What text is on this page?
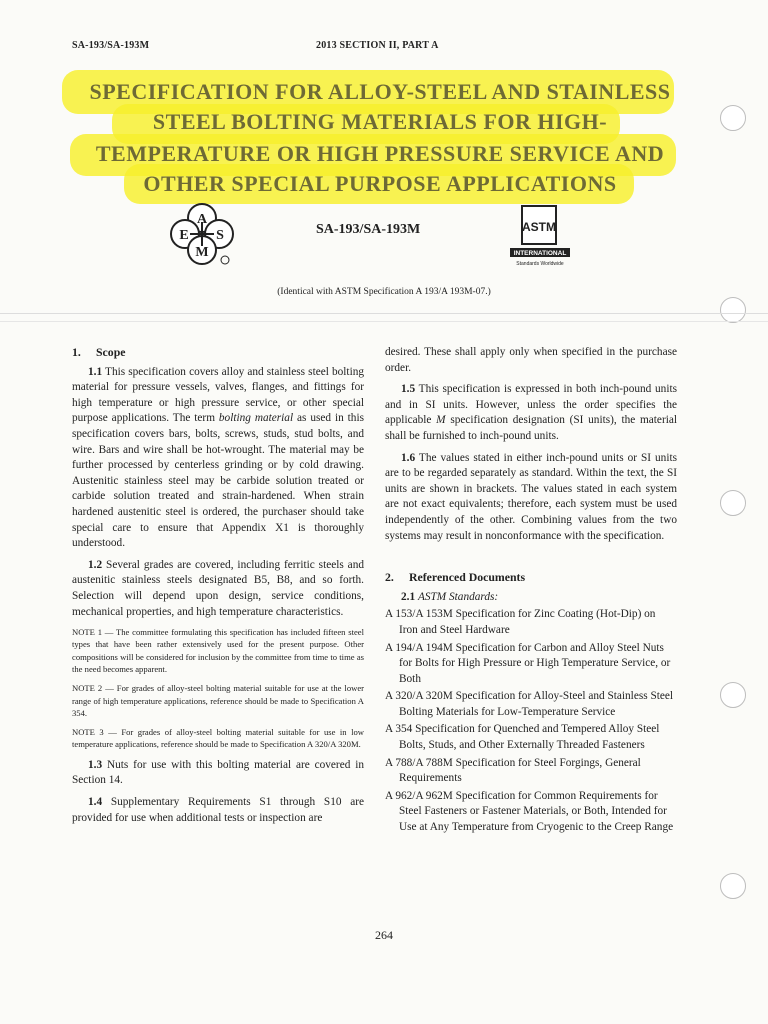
SA-193/SA-193M	2013 SECTION II, PART A
SPECIFICATION FOR ALLOY-STEEL AND STAINLESS
STEEL BOLTING MATERIALS FOR HIGH-
TEMPERATURE OR HIGH PRESSURE SERVICE AND
OTHER SPECIAL PURPOSE APPLICATIONS
A
E S
M
SA-193/SA-193M	ASTM
INTERNATIONAL
Standards Worldwide
(Identical with ASTM Specification A 193/A 193M-07.)
1. Scope

1.1 This specification covers alloy and stainless steel bolting material for pressure vessels, valves, flanges, and fittings for high temperature or high pressure service, or other special purpose applications. The term bolting material as used in this specification covers bars, bolts, screws, studs, stud bolts, and wire. Bars and wire shall be hot-wrought. The material may be further processed by centerless grinding or by cold drawing. Austenitic stainless steel may be carbide solution treated or carbide solution treated and strain-hardened. When strain hardened austenitic steel is ordered, the purchaser should take special care to ensure that Appendix X1 is thoroughly understood.

1.2 Several grades are covered, including ferritic steels and austenitic stainless steels designated B5, B8, and so forth. Selection will depend upon design, service conditions, mechanical properties, and high temperature characteristics.

NOTE 1 — The committee formulating this specification has included fifteen steel types that have been rather extensively used for the present purpose. Other compositions will be considered for inclusion by the committee from time to time as the need becomes apparent.

NOTE 2 — For grades of alloy-steel bolting material suitable for use at the lower range of high temperature applications, reference should be made to Specification A 354.

NOTE 3 — For grades of alloy-steel bolting material suitable for use in low temperature applications, reference should be made to Specification A 320/A 320M.

1.3 Nuts for use with this bolting material are covered in Section 14.

1.4 Supplementary Requirements S1 through S10 are provided for use when additional tests or inspection are

desired. These shall apply only when specified in the purchase order.

1.5 This specification is expressed in both inch-pound units and in SI units. However, unless the order specifies the applicable M specification designation (SI units), the material shall be furnished to inch-pound units.

1.6 The values stated in either inch-pound units or SI units are to be regarded separately as standard. Within the text, the SI units are shown in brackets. The values stated in each system are not exact equivalents; therefore, each system must be used independently of the other. Combining values from the two systems may result in nonconformance with the specification.

2. Referenced Documents
2.1 ASTM Standards:

A 153/A 153M Specification for Zinc Coating (Hot-Dip) on Iron and Steel Hardware

A 194/A 194M Specification for Carbon and Alloy Steel Nuts for Bolts for High Pressure or High Temperature Service, or Both

A 320/A 320M Specification for Alloy-Steel and Stainless Steel Bolting Materials for Low-Temperature Service

A 354 Specification for Quenched and Tempered Alloy Steel Bolts, Studs, and Other Externally Threaded Fasteners

A 788/A 788M Specification for Steel Forgings, General Requirements

A 962/A 962M Specification for Common Requirements for Steel Fasteners or Fastener Materials, or Both, Intended for Use at Any Temperature from Cryogenic to the Creep Range

264
